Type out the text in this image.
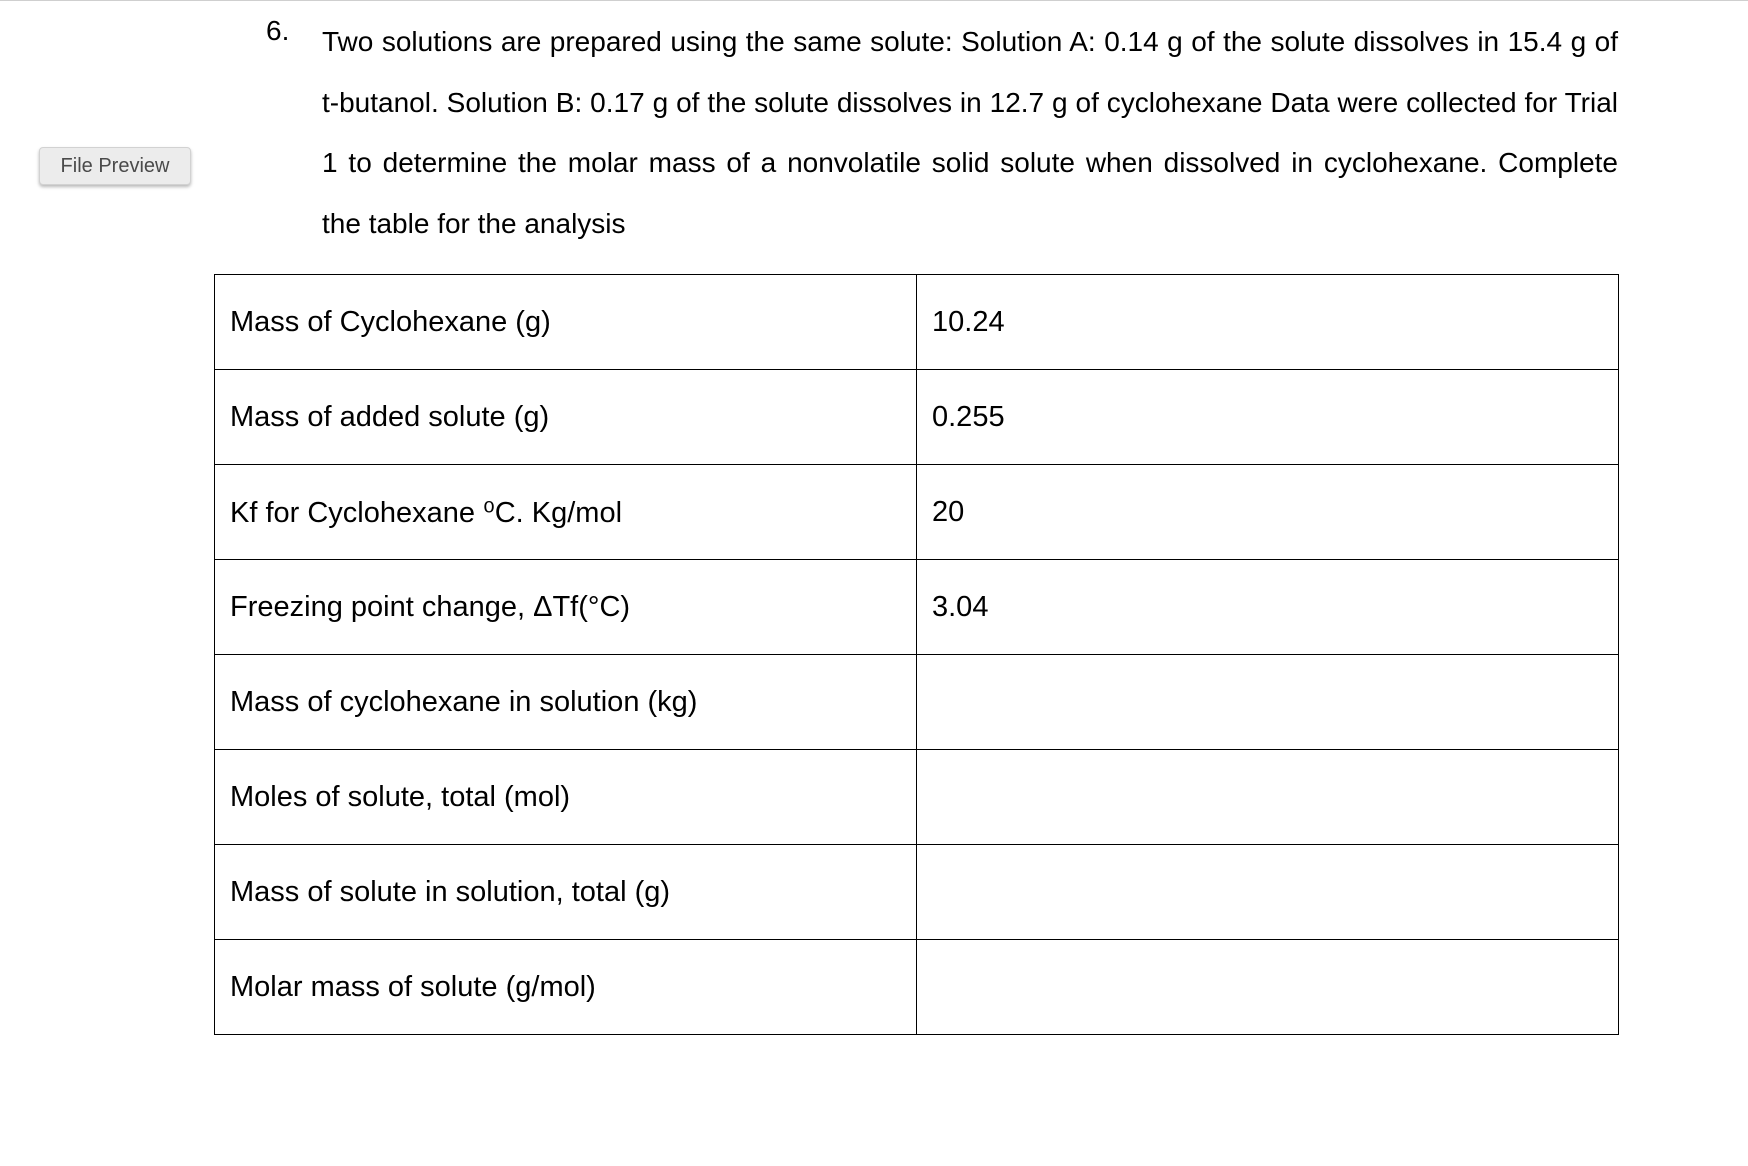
File Preview
6. Two solutions are prepared using the same solute: Solution A: 0.14 g of the solute dissolves in 15.4 g of t-butanol. Solution B: 0.17 g of the solute dissolves in 12.7 g of cyclohexane Data were collected for Trial 1 to determine the molar mass of a nonvolatile solid solute when dissolved in cyclohexane. Complete the table for the analysis

Mass of Cyclohexane (g)	10.24
Mass of added solute (g)	0.255
Kf for Cyclohexane ⁰C. Kg/mol	20
Freezing point change, ΔTf(°C)	3.04
Mass of cyclohexane in solution (kg)	
Moles of solute, total (mol)	
Mass of solute in solution, total (g)	
Molar mass of solute (g/mol)	
